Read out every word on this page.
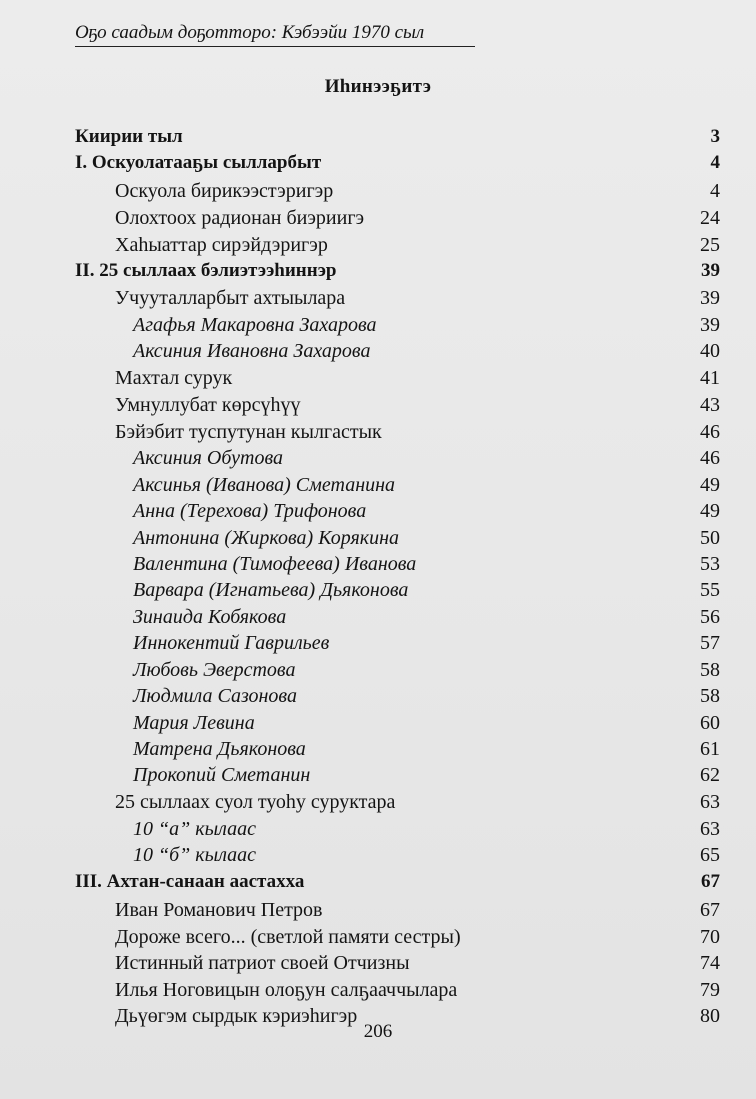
Оҕо саадым доҕотторо: Кэбээйи 1970 сыл
Иһинээҕитэ
Киирии тыл	3
I. Оскуолатааҕы сылларбыт	4
Оскуола бирикээстэригэр	4
Олохтоох радионан биэриигэ	24
Хаһыаттар сирэйдэригэр	25
II. 25 сыллаах бэлиэтээһиннэр	39
Учууталларбыт ахтыылара	39
Агафья Макаровна Захарова	39
Аксиния Ивановна Захарова	40
Махтал сурук	41
Умнуллубат көрсүһүү	43
Бэйэбит туспутунан кылгастык	46
Аксиния Обутова	46
Аксинья (Иванова) Сметанина	49
Анна (Терехова) Трифонова	49
Антонина (Жиркова) Корякина	50
Валентина (Тимофеева) Иванова	53
Варвара (Игнатьева) Дьяконова	55
Зинаида Кобякова	56
Иннокентий Гаврильев	57
Любовь Эверстова	58
Людмила Сазонова	58
Мария Левина	60
Матрена Дьяконова	61
Прокопий Сметанин	62
25 сыллаах суол туоһу суруктара	63
10 “а” кылаас	63
10 “б” кылаас	65
III. Ахтан-санаан аастахха	67
Иван Романович Петров	67
Дороже всего... (светлой памяти сестры)	70
Истинный патриот своей Отчизны	74
Илья Ноговицын олоҕун салҕааччылара	79
Дьүөгэм сырдык кэриэһигэр	80
206
